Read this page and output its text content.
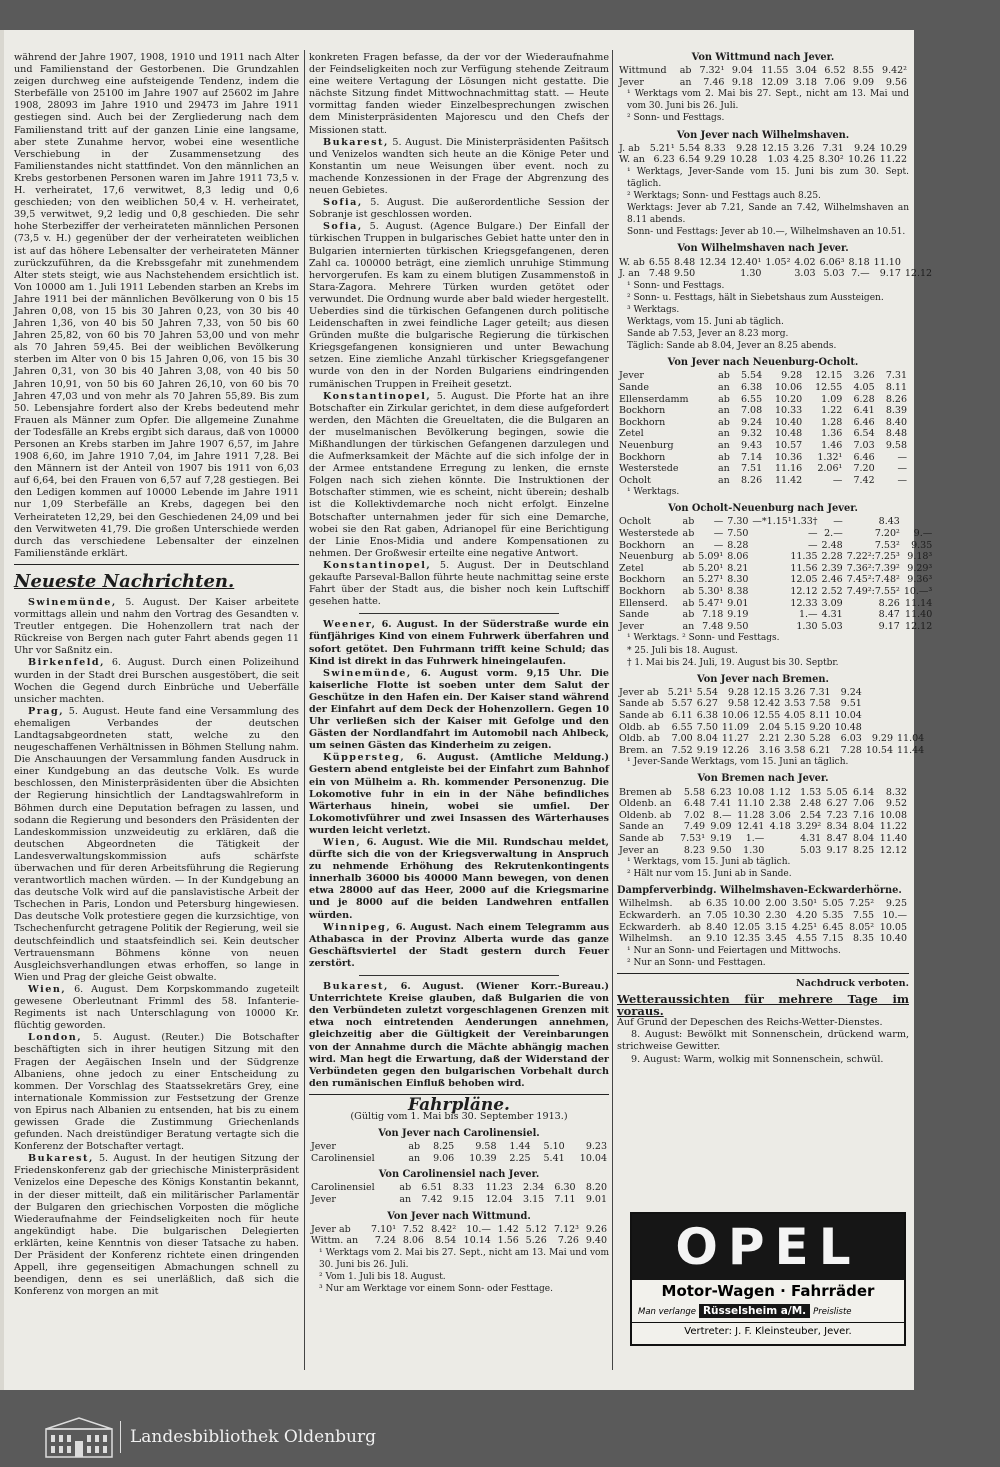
während der Jahre 1907, 1908, 1910 und 1911 nach Alter und Familienstand der Gestorbenen. Die Grundzahlen zeigen durchweg eine aufsteigende Tendenz, indem die Sterbefälle von 25100 im Jahre 1907 auf 25602 im Jahre 1908, 28093 im Jahre 1910 und 29473 im Jahre 1911 gestiegen sind. Auch bei der Zergliederung nach dem Familienstand tritt auf der ganzen Linie eine langsame, aber stete Zunahme hervor, wobei eine wesentliche Verschiebung in der Zusammensetzung des Familienstandes nicht stattfindet. Von den männlichen an Krebs gestorbenen Personen waren im Jahre 1911 73,5 v. H. verheiratet, 17,6 verwitwet, 8,3 ledig und 0,6 geschieden; von den weiblichen 50,4 v. H. verheiratet, 39,5 verwitwet, 9,2 ledig und 0,8 geschieden. Die sehr hohe Sterbeziffer der verheirateten männlichen Personen (73,5 v. H.) gegenüber der der verheirateten weiblichen ist auf das höhere Lebensalter der verheirateten Männer zurückzuführen, da die Krebssgefahr mit zunehmendem Alter stets steigt, wie aus Nachstehendem ersichtlich ist. Von 10000 am 1. Juli 1911 Lebenden starben an Krebs im Jahre 1911 bei der männlichen Bevölkerung von 0 bis 15 Jahren 0,08, von 15 bis 30 Jahren 0,23, von 30 bis 40 Jahren 1,36, von 40 bis 50 Jahren 7,33, von 50 bis 60 Jahren 25,82, von 60 bis 70 Jahren 53,00 und von mehr als 70 Jahren 59,45. Bei der weiblichen Bevölkerung sterben im Alter von 0 bis 15 Jahren 0,06, von 15 bis 30 Jahren 0,31, von 30 bis 40 Jahren 3,08, von 40 bis 50 Jahren 10,91, von 50 bis 60 Jahren 26,10, von 60 bis 70 Jahren 47,03 und von mehr als 70 Jahren 55,89. Bis zum 50. Lebensjahre fordert also der Krebs bedeutend mehr Frauen als Männer zum Opfer. Die allgemeine Zunahme der Todesfälle an Krebs ergibt sich daraus, daß von 10000 Personen an Krebs starben im Jahre 1907 6,57, im Jahre 1908 6,60, im Jahre 1910 7,04, im Jahre 1911 7,28. Bei den Männern ist der Anteil von 1907 bis 1911 von 6,03 auf 6,64, bei den Frauen von 6,57 auf 7,28 gestiegen. Bei den Ledigen kommen auf 10000 Lebende im Jahre 1911 nur 1,09 Sterbefälle an Krebs, dagegen bei den Verheirateten 12,29, bei den Geschiedenen 24,09 und bei den Verwitweten 41,79. Die großen Unterschiede werden durch das verschiedene Lebensalter der einzelnen Familienstände erklärt.

Neueste Nachrichten.

Swinemünde, 5. August. Der Kaiser arbeitete vormittags allein und nahm den Vortrag des Gesandten v. Treutler entgegen. Die Hohenzollern trat nach der Rückreise von Bergen nach guter Fahrt abends gegen 11 Uhr vor Saßnitz ein.

Birkenfeld, 6. August. Durch einen Polizeihund wurden in der Stadt drei Burschen ausgestöbert, die seit Wochen die Gegend durch Einbrüche und Ueberfälle unsicher machten.

Prag, 5. August. Heute fand eine Versammlung des ehemaligen Verbandes der deutschen Landtagsabgeordneten statt, welche zu den neugeschaffenen Verhältnissen in Böhmen Stellung nahm. Die Anschauungen der Versammlung fanden Ausdruck in einer Kundgebung an das deutsche Volk. Es wurde beschlossen, den Ministerpräsidenten über die Absichten der Regierung hinsichtlich der Landtagswahlreform in Böhmen durch eine Deputation befragen zu lassen, und sodann die Regierung und besonders den Präsidenten der Landeskommission unzweideutig zu erklären, daß die deutschen Abgeordneten die Tätigkeit der Landesverwaltungskommission aufs schärfste überwachen und für deren Arbeitsführung die Regierung verantwortlich machen würden. — In der Kundgebung an das deutsche Volk wird auf die panslavistische Arbeit der Tschechen in Paris, London und Petersburg hingewiesen. Das deutsche Volk protestiere gegen die kurzsichtige, von Tschechenfurcht getragene Politik der Regierung, weil sie deutschfeindlich und staatsfeindlich sei. Kein deutscher Vertrauensmann Böhmens könne von neuen Ausgleichsverhandlungen etwas erhoffen, so lange in Wien und Prag der gleiche Geist obwalte.

Wien, 6. August. Dem Korpskommando zugeteilt gewesene Oberleutnant Frimml des 58. Infanterie-Regiments ist nach Unterschlagung von 10000 Kr. flüchtig geworden.

London, 5. August. (Reuter.) Die Botschafter beschäftigten sich in ihrer heutigen Sitzung mit den Fragen der Aegäischen Inseln und der Südgrenze Albaniens, ohne jedoch zu einer Entscheidung zu kommen. Der Vorschlag des Staatssekretärs Grey, eine internationale Kommission zur Festsetzung der Grenze von Epirus nach Albanien zu entsenden, hat bis zu einem gewissen Grade die Zustimmung Griechenlands gefunden. Nach dreistündiger Beratung vertagte sich die Konferenz der Botschafter vertagt.

Bukarest, 5. August. In der heutigen Sitzung der Friedenskonferenz gab der griechische Ministerpräsident Venizelos eine Depesche des Königs Konstantin bekannt, in der dieser mitteilt, daß ein militärischer Parlamentär der Bulgaren den griechischen Vorposten die mögliche Wiederaufnahme der Feindseligkeiten noch für heute angekündigt habe. Die bulgarischen Delegierten erklärten, keine Kenntnis von dieser Tatsache zu haben. Der Präsident der Konferenz richtete einen dringenden Appell, ihre gegenseitigen Abmachungen schnell zu beendigen, denn es sei unerläßlich, daß sich die Konferenz von morgen an mit

konkreten Fragen befasse, da der vor der Wiederaufnahme der Feindseligkeiten noch zur Verfügung stehende Zeitraum eine weitere Vertagung der Lösungen nicht gestatte. Die nächste Sitzung findet Mittwochnachmittag statt. — Heute vormittag fanden wieder Einzelbesprechungen zwischen dem Ministerpräsidenten Majorescu und den Chefs der Missionen statt.

Bukarest, 5. August. Die Ministerpräsidenten Pašitsch und Venizelos wandten sich heute an die Könige Peter und Konstantin um neue Weisungen über event. noch zu machende Konzessionen in der Frage der Abgrenzung des neuen Gebietes.

Sofia, 5. August. Die außerordentliche Session der Sobranje ist geschlossen worden.

Sofia, 5. August. (Agence Bulgare.) Der Einfall der türkischen Truppen in bulgarisches Gebiet hatte unter den in Bulgarien internierten türkischen Kriegsgefangenen, deren Zahl ca. 100000 beträgt, eine ziemlich unruhige Stimmung hervorgerufen. Es kam zu einem blutigen Zusammenstoß in Stara-Zagora. Mehrere Türken wurden getötet oder verwundet. Die Ordnung wurde aber bald wieder hergestellt. Ueberdies sind die türkischen Gefangenen durch politische Leidenschaften in zwei feindliche Lager geteilt; aus diesen Gründen mußte die bulgarische Regierung die türkischen Kriegsgefangenen konsignieren und unter Bewachung setzen. Eine ziemliche Anzahl türkischer Kriegsgefangener wurde von den in der Norden Bulgariens eindringenden rumänischen Truppen in Freiheit gesetzt.

Konstantinopel, 5. August. Die Pforte hat an ihre Botschafter ein Zirkular gerichtet, in dem diese aufgefordert werden, den Mächten die Greueltaten, die die Bulgaren an der muselmanischen Bevölkerung begingen, sowie die Mißhandlungen der türkischen Gefangenen darzulegen und die Aufmerksamkeit der Mächte auf die sich infolge der in der Armee entstandene Erregung zu lenken, die ernste Folgen nach sich ziehen könnte. Die Instruktionen der Botschafter stimmen, wie es scheint, nicht überein; deshalb ist die Kollektivdemarche noch nicht erfolgt. Einzelne Botschafter unternahmen jeder für sich eine Demarche, wobei sie den Rat gaben, Adrianopel für eine Berichtigung der Linie Enos-Midia und andere Kompensationen zu nehmen. Der Großwesir erteilte eine negative Antwort.

Konstantinopel, 5. August. Der in Deutschland gekaufte Parseval-Ballon führte heute nachmittag seine erste Fahrt über der Stadt aus, die bisher noch kein Luftschiff gesehen hatte.

Weener, 6. August. In der Süderstraße wurde ein fünfjähriges Kind von einem Fuhrwerk überfahren und sofort getötet. Den Fuhrmann trifft keine Schuld; das Kind ist direkt in das Fuhrwerk hineingelaufen.

Swinemünde, 6. August vorm. 9,15 Uhr. Die kaiserliche Flotte ist soeben unter dem Salut der Geschütze in den Hafen ein. Der Kaiser stand während der Einfahrt auf dem Deck der Hohenzollern. Gegen 10 Uhr verließen sich der Kaiser mit Gefolge und den Gästen der Nordlandfahrt im Automobil nach Ahlbeck, um seinen Gästen das Kinderheim zu zeigen.

Küppersteg, 6. August. (Amtliche Meldung.) Gestern abend entgleiste bei der Einfahrt zum Bahnhof ein von Mülheim a. Rh. kommender Personenzug. Die Lokomotive fuhr in ein in der Nähe befindliches Wärterhaus hinein, wobei sie umfiel. Der Lokomotivführer und zwei Insassen des Wärterhauses wurden leicht verletzt.

Wien, 6. August. Wie die Mil. Rundschau meldet, dürfte sich die von der Kriegsverwaltung in Anspruch zu nehmende Erhöhung des Rekrutenkontingents innerhalb 36000 bis 40000 Mann bewegen, von denen etwa 28000 auf das Heer, 2000 auf die Kriegsmarine und je 8000 auf die beiden Landwehren entfallen würden.

Winnipeg, 6. August. Nach einem Telegramm aus Athabasca in der Provinz Alberta wurde das ganze Geschäftsviertel der Stadt gestern durch Feuer zerstört.

Bukarest, 6. August. (Wiener Korr.-Bureau.) Unterrichtete Kreise glauben, daß Bulgarien die von den Verbündeten zuletzt vorgeschlagenen Grenzen mit etwa noch eintretenden Aenderungen annehmen, gleichzeitig aber die Gültigkeit der Vereinbarungen von der Annahme durch die Mächte abhängig machen wird. Man hegt die Erwartung, daß der Widerstand der Verbündeten gegen den bulgarischen Vorbehalt durch den rumänischen Einfluß behoben wird.

Fahrpläne.

(Gültig vom 1. Mai bis 30. September 1913.)

Von Jever nach Carolinensiel.
Jever	ab	8.25	9.58	1.44	5.10	9.23
Carolinensiel	an	9.06	10.39	2.25	5.41	10.04
Von Carolinensiel nach Jever.
Carolinensiel	ab	6.51	8.33	11.23	2.34	6.30	8.20
Jever	an	7.42	9.15	12.04	3.15	7.11	9.01
Von Jever nach Wittmund.
Jever ab	7.10¹	7.52	8.42²	10.—	1.42	5.12	7.12³	9.26
Wittm. an	7.24	8.06	8.54	10.14	1.56	5.26	7.26	9.40
¹ Werktags vom 2. Mai bis 27. Sept., nicht am 13. Mai und vom 30. Juni bis 26. Juli.
² Vom 1. Juli bis 18. August.
³ Nur am Werktage vor einem Sonn- oder Festtage.
Von Wittmund nach Jever.
Wittmund	ab	7.32¹	9.04	11.55	3.04	6.52	8.55	9.42²
Jever	an	7.46	9.18	12.09	3.18	7.06	9.09	9.56
¹ Werktags vom 2. Mai bis 27. Sept., nicht am 13. Mai und vom 30. Juni bis 26. Juli.
² Sonn- und Festtags.
Von Jever nach Wilhelmshaven.
J. ab	5.21¹	5.54	8.33	9.28	12.15	3.26	7.31	9.24	10.29
W. an	6.23	6.54	9.29	10.28	1.03	4.25	8.30²	10.26	11.22
¹ Werktags, Jever-Sande vom 15. Juni bis zum 30. Sept. täglich.
² Werktags; Sonn- und Festtags auch 8.25.
Werktags: Jever ab 7.21, Sande an 7.42, Wilhelmshaven an 8.11 abends.
Sonn- und Festtags: Jever ab 10.—, Wilhelmshaven an 10.51.
Von Wilhelmshaven nach Jever.
W. ab	6.55	8.48	12.34	12.40¹	1.05²	4.02	6.06³	8.18	11.10	
J. an	7.48	9.50		1.30		3.03	5.03	7.—	9.17	12.12
¹ Sonn- und Festtags.
² Sonn- u. Festtags, hält in Siebetshaus zum Aussteigen.
³ Werktags.
Werktags, vom 15. Juni ab täglich.
Sande ab 7.53, Jever an 8.23 morg.
Täglich: Sande ab 8.04, Jever an 8.25 abends.
Von Jever nach Neuenburg-Ocholt.
Jever	ab	5.54	9.28	12.15	3.26	7.31
Sande	an	6.38	10.06	12.55	4.05	8.11
Ellenserdamm	ab	6.55	10.20	1.09	6.28	8.26
Bockhorn	an	7.08	10.33	1.22	6.41	8.39
Bockhorn	ab	9.24	10.40	1.28	6.46	8.40
Zetel	an	9.32	10.48	1.36	6.54	8.48
Neuenburg	an	9.43	10.57	1.46	7.03	9.58
Bockhorn	ab	7.14	10.36	1.32¹	6.46	—
Westerstede	an	7.51	11.16	2.06¹	7.20	—
Ocholt	an	8.26	11.42	—	7.42	—
¹ Werktags.
Von Ocholt-Neuenburg nach Jever.
Ocholt	ab	—	7.30	—*1.15¹1.33†	—	8.43	
Westerstede	ab	—	7.50	—	2.—	7.20²	9.—
Bockhorn	an	—	8.28	—	2.48	7.53²	9.35
Neuenburg	ab	5.09¹	8.06	11.35	2.28	7.22²:7.25³	9.18³
Zetel	ab	5.20¹	8.21	11.56	2.39	7.36²:7.39²	9.29³
Bockhorn	an	5.27¹	8.30	12.05	2.46	7.45²:7.48²	9.36³
Bockhorn	ab	5.30¹	8.38	12.12	2.52	7.49²:7.55²	10.—³
Ellenserd.	ab	5.47¹	9.01	12.33	3.09	8.26	11.14
Sande	ab	7.18	9.19	1.—	4.31	8.47	11.40
Jever	an	7.48	9.50	1.30	5.03	9.17	12.12
¹ Werktags. ² Sonn- und Festtags.
* 25. Juli bis 18. August.
† 1. Mai bis 24. Juli, 19. August bis 30. Septbr.
Von Jever nach Bremen.
Jever ab	5.21¹	5.54	9.28	12.15	3.26	7.31	9.24		
Sande ab	5.57	6.27	9.58	12.42	3.53	7.58	9.51		
Sande ab	6.11	6.38	10.06	12.55	4.05	8.11	10.04		
Oldb. ab	6.55	7.50	11.09	2.04	5.15	9.20	10.48		
Oldb. ab	7.00	8.04	11.27	2.21	2.30	5.28	6.03	9.29	11.04
Brem. an	7.52	9.19	12.26	3.16	3.58	6.21	7.28	10.54	11.44
¹ Jever-Sande Werktags, vom 15. Juni an täglich.
Von Bremen nach Jever.
Bremen ab	5.58	6.23	10.08	1.12	1.53	5.05	6.14	8.32
Oldenb. an	6.48	7.41	11.10	2.38	2.48	6.27	7.06	9.52
Oldenb. ab	7.02	8.—	11.28	3.06	2.54	7.23	7.16	10.08
Sande an	7.49	9.09	12.41	4.18	3.29²	8.34	8.04	11.22
Sande ab	7.53¹	9.19	1.—		4.31	8.47	8.04	11.40
Jever an	8.23	9.50	1.30		5.03	9.17	8.25	12.12
¹ Werktags, vom 15. Juni ab täglich.
² Hält nur vom 15. Juni ab in Sande.
Dampferverbindg. Wilhelmshaven-Eckwarderhörne.
Wilhelmsh.	ab	6.35	10.00	2.00	3.50¹	5.05	7.25²	9.25
Eckwarderh.	an	7.05	10.30	2.30	4.20	5.35	7.55	10.—
Eckwarderh.	ab	8.40	12.05	3.15	4.25¹	6.45	8.05²	10.05
Wilhelmsh.	an	9.10	12.35	3.45	4.55	7.15	8.35	10.40
¹ Nur an Sonn- und Feiertagen und Mittwochs.
² Nur an Sonn- und Festtagen.

Nachdruck verboten.

Wetteraussichten für mehrere Tage im voraus.

Auf Grund der Depeschen des Reichs-Wetter-Dienstes.

8. August: Bewölkt mit Sonnenschein, drückend warm, strichweise Gewitter.

9. August: Warm, wolkig mit Sonnenschein, schwül.

OPEL
Motor-Wagen · Fahrräder
Man verlange Rüsselsheim a/M. Preisliste
Vertreter: J. F. Kleinsteuber, Jever.
Landesbibliothek Oldenburg
